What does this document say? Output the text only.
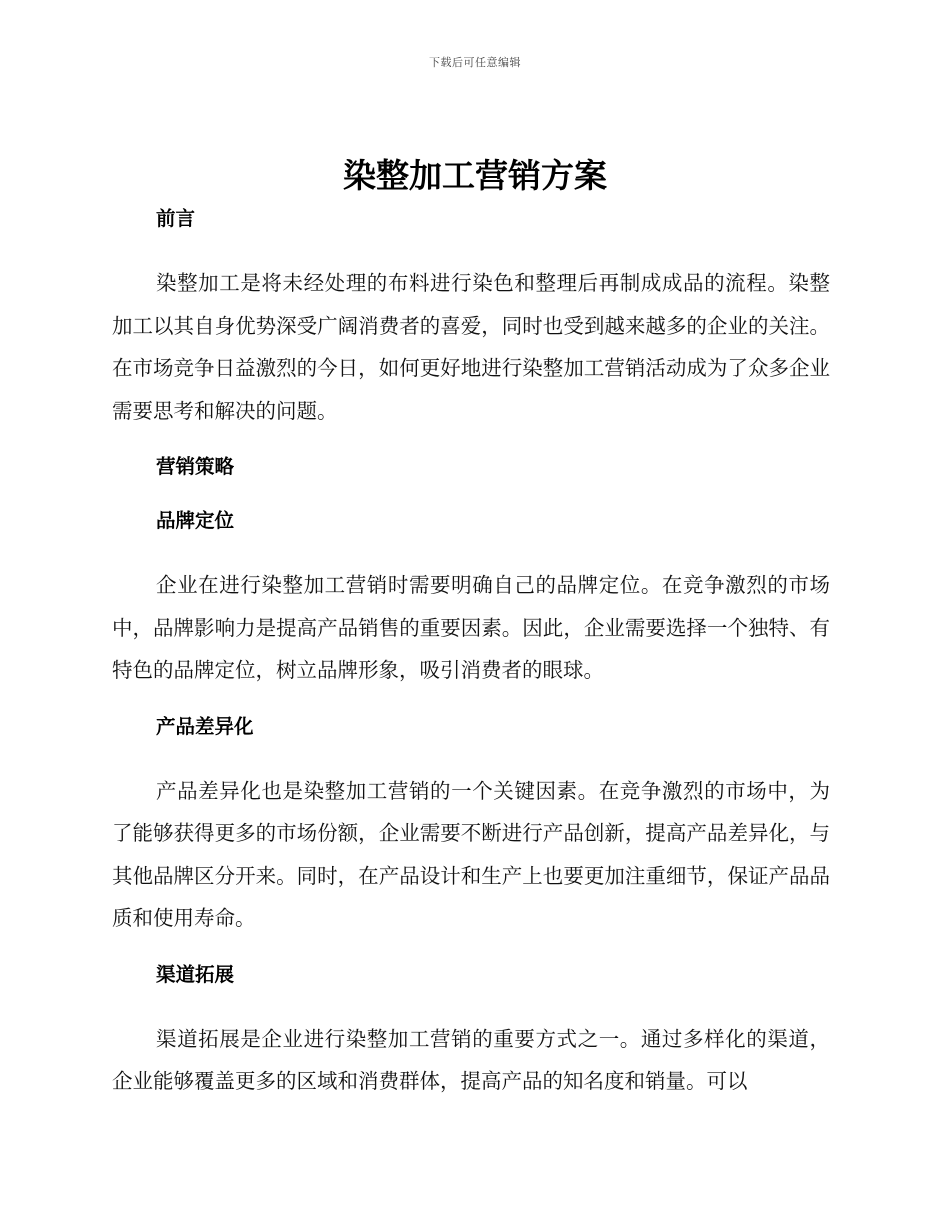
下载后可任意编辑
染整加工营销方案
前言

染整加工是将未经处理的布料进行染色和整理后再制成成品的流程。染整加工以其自身优势深受广阔消费者的喜爱，同时也受到越来越多的企业的关注。在市场竞争日益激烈的今日，如何更好地进行染整加工营销活动成为了众多企业需要思考和解决的问题。

营销策略
品牌定位

企业在进行染整加工营销时需要明确自己的品牌定位。在竞争激烈的市场中，品牌影响力是提高产品销售的重要因素。因此，企业需要选择一个独特、有特色的品牌定位，树立品牌形象，吸引消费者的眼球。

产品差异化

产品差异化也是染整加工营销的一个关键因素。在竞争激烈的市场中，为了能够获得更多的市场份额，企业需要不断进行产品创新，提高产品差异化，与其他品牌区分开来。同时，在产品设计和生产上也要更加注重细节，保证产品品质和使用寿命。

渠道拓展

渠道拓展是企业进行染整加工营销的重要方式之一。通过多样化的渠道，企业能够覆盖更多的区域和消费群体，提高产品的知名度和销量。可以
